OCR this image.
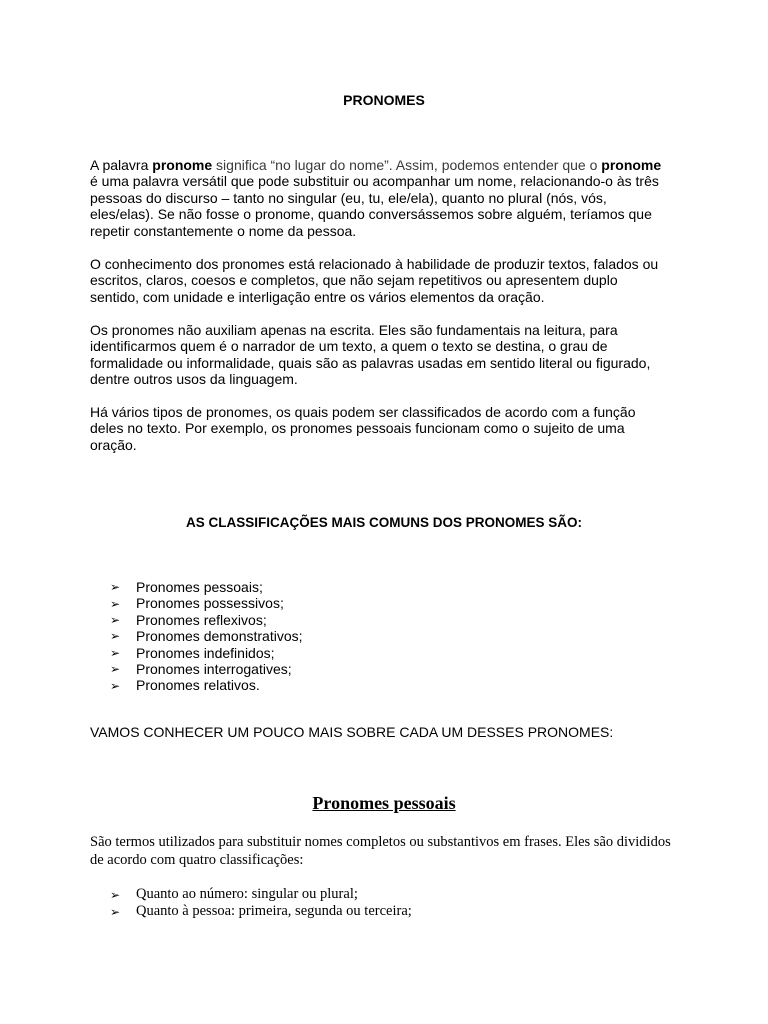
PRONOMES

A palavra pronome significa “no lugar do nome”. Assim, podemos entender que o pronome é uma palavra versátil que pode substituir ou acompanhar um nome, relacionando-o às três pessoas do discurso – tanto no singular (eu, tu, ele/ela), quanto no plural (nós, vós, eles/elas). Se não fosse o pronome, quando conversássemos sobre alguém, teríamos que repetir constantemente o nome da pessoa.

O conhecimento dos pronomes está relacionado à habilidade de produzir textos, falados ou escritos, claros, coesos e completos, que não sejam repetitivos ou apresentem duplo sentido, com unidade e interligação entre os vários elementos da oração.

Os pronomes não auxiliam apenas na escrita. Eles são fundamentais na leitura, para identificarmos quem é o narrador de um texto, a quem o texto se destina, o grau de formalidade ou informalidade, quais são as palavras usadas em sentido literal ou figurado, dentre outros usos da linguagem.

Há vários tipos de pronomes, os quais podem ser classificados de acordo com a função deles no texto. Por exemplo, os pronomes pessoais funcionam como o sujeito de uma oração.

AS CLASSIFICAÇÕES MAIS COMUNS DOS PRONOMES SÃO:
➢	Pronomes pessoais;
➢	Pronomes possessivos;
➢	Pronomes reflexivos;
➢	Pronomes demonstrativos;
➢	Pronomes indefinidos;
➢	Pronomes interrogatives;
➢	Pronomes relativos.
VAMOS CONHECER UM POUCO MAIS SOBRE CADA UM DESSES PRONOMES:
Pronomes pessoais

São termos utilizados para substituir nomes completos ou substantivos em frases. Eles são divididos de acordo com quatro classificações:

➢	Quanto ao número: singular ou plural;
➢	Quanto à pessoa: primeira, segunda ou terceira;
